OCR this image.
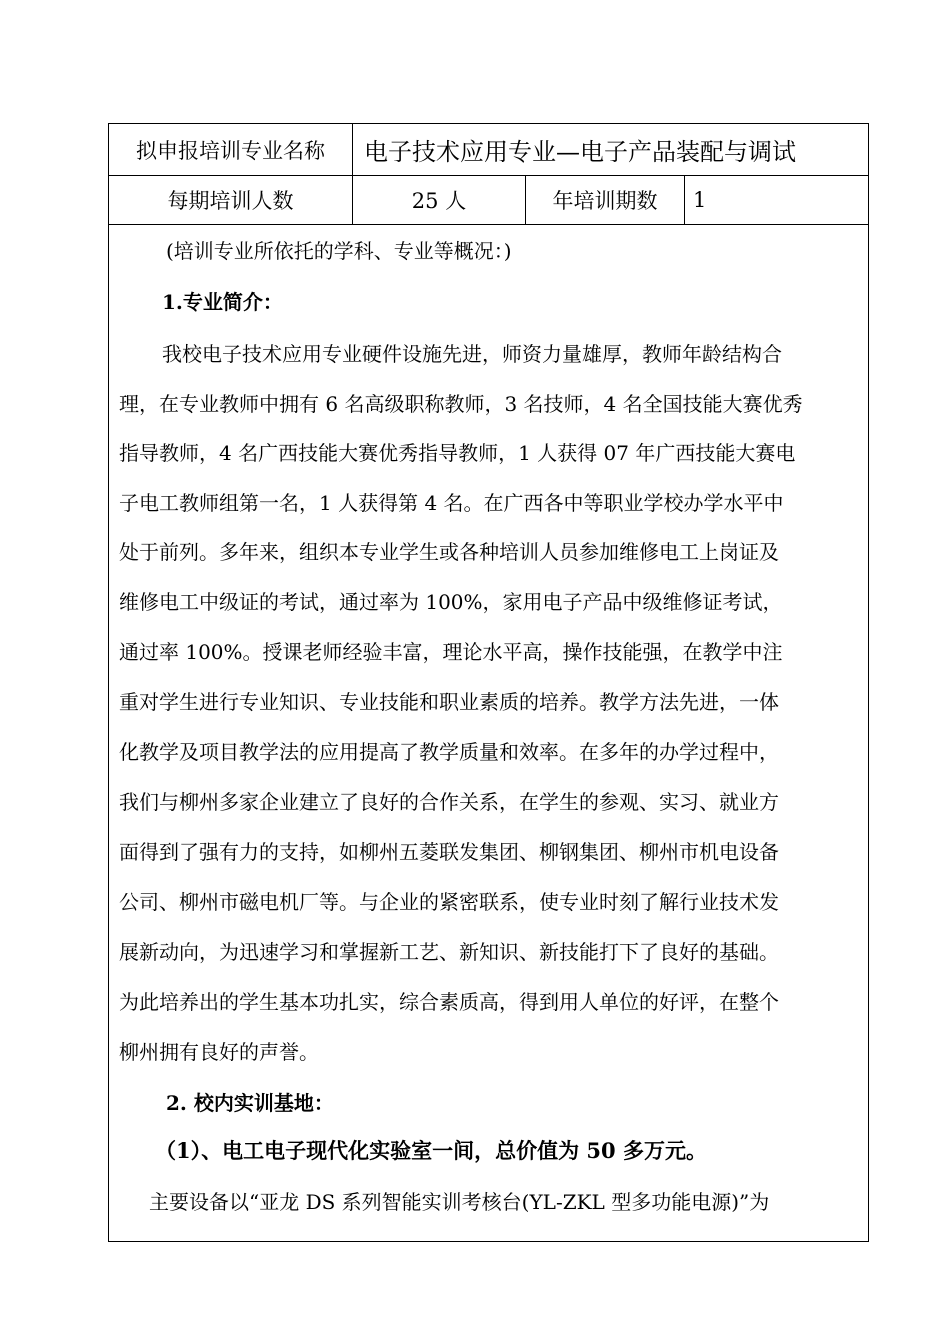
拟申报培训专业名称	电子技术应用专业—电子产品装配与调试
每期培训人数	25 人	年培训期数	1
(培训专业所依托的学科、专业等概况：)
1.专业简介：
我校电子技术应用专业硬件设施先进，师资力量雄厚，教师年龄结构合
理，在专业教师中拥有 6 名高级职称教师，3 名技师，4 名全国技能大赛优秀
指导教师，4 名广西技能大赛优秀指导教师，1 人获得 07 年广西技能大赛电
子电工教师组第一名，1 人获得第 4 名。在广西各中等职业学校办学水平中
处于前列。多年来，组织本专业学生或各种培训人员参加维修电工上岗证及
维修电工中级证的考试，通过率为 100%，家用电子产品中级维修证考试，
通过率 100%。授课老师经验丰富，理论水平高，操作技能强，在教学中注
重对学生进行专业知识、专业技能和职业素质的培养。教学方法先进，一体
化教学及项目教学法的应用提高了教学质量和效率。在多年的办学过程中，
我们与柳州多家企业建立了良好的合作关系，在学生的参观、实习、就业方
面得到了强有力的支持，如柳州五菱联发集团、柳钢集团、柳州市机电设备
公司、柳州市磁电机厂等。与企业的紧密联系，使专业时刻了解行业技术发
展新动向，为迅速学习和掌握新工艺、新知识、新技能打下了良好的基础。
为此培养出的学生基本功扎实，综合素质高，得到用人单位的好评，在整个
柳州拥有良好的声誉。
2. 校内实训基地：
（1）、电工电子现代化实验室一间，总价值为 50 多万元。
主要设备以“亚龙 DS 系列智能实训考核台(YL-ZKL 型多功能电源)”为
